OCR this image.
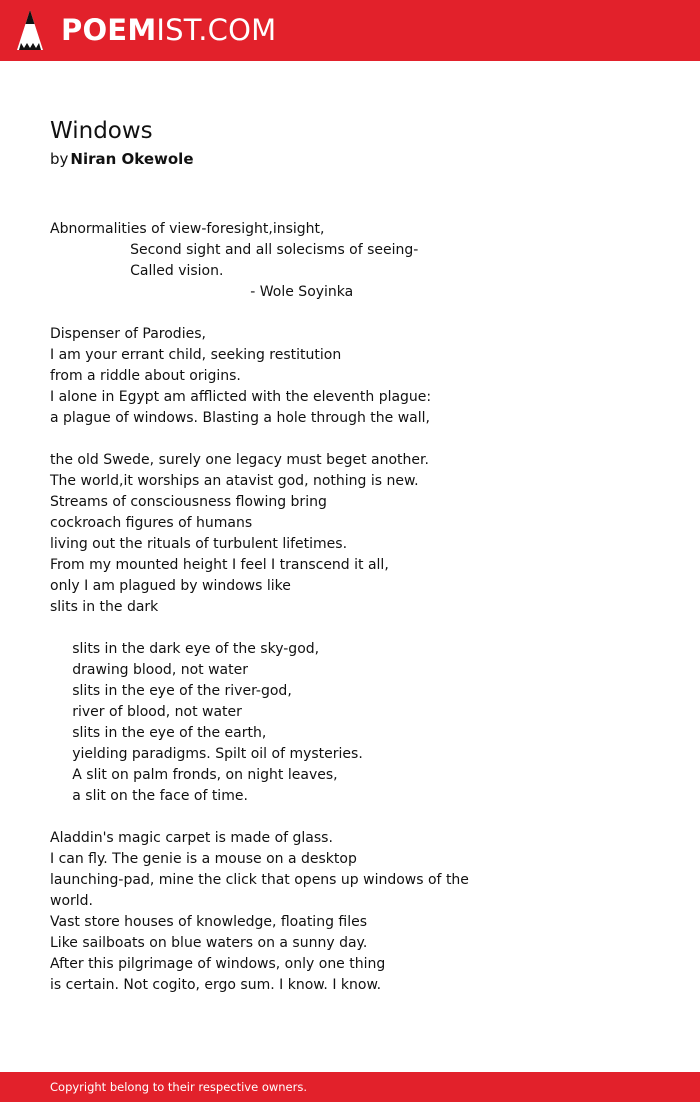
POEMIST.COM
Windows
by Niran Okewole
Abnormalities of view-foresight,insight,
Second sight and all solecisms of seeing-
Called vision.
- Wole Soyinka
Dispenser of Parodies,
I am your errant child, seeking restitution
from a riddle about origins.
I alone in Egypt am afflicted with the eleventh plague:
a plague of windows. Blasting a hole through the wall,
the old Swede, surely one legacy must beget another.
The world,it worships an atavist god, nothing is new.
Streams of consciousness flowing bring
cockroach figures of humans
living out the rituals of turbulent lifetimes.
From my mounted height I feel I transcend it all,
only I am plagued by windows like
slits in the dark
slits in the dark eye of the sky-god,
drawing blood, not water
slits in the eye of the river-god,
river of blood, not water
slits in the eye of the earth,
yielding paradigms. Spilt oil of mysteries.
A slit on palm fronds, on night leaves,
a slit on the face of time.
Aladdin's magic carpet is made of glass.
I can fly. The genie is a mouse on a desktop
launching-pad, mine the click that opens up windows of the
world.
Vast store houses of knowledge, floating files
Like sailboats on blue waters on a sunny day.
After this pilgrimage of windows, only one thing
is certain. Not cogito, ergo sum. I know. I know.
Copyright belong to their respective owners.
